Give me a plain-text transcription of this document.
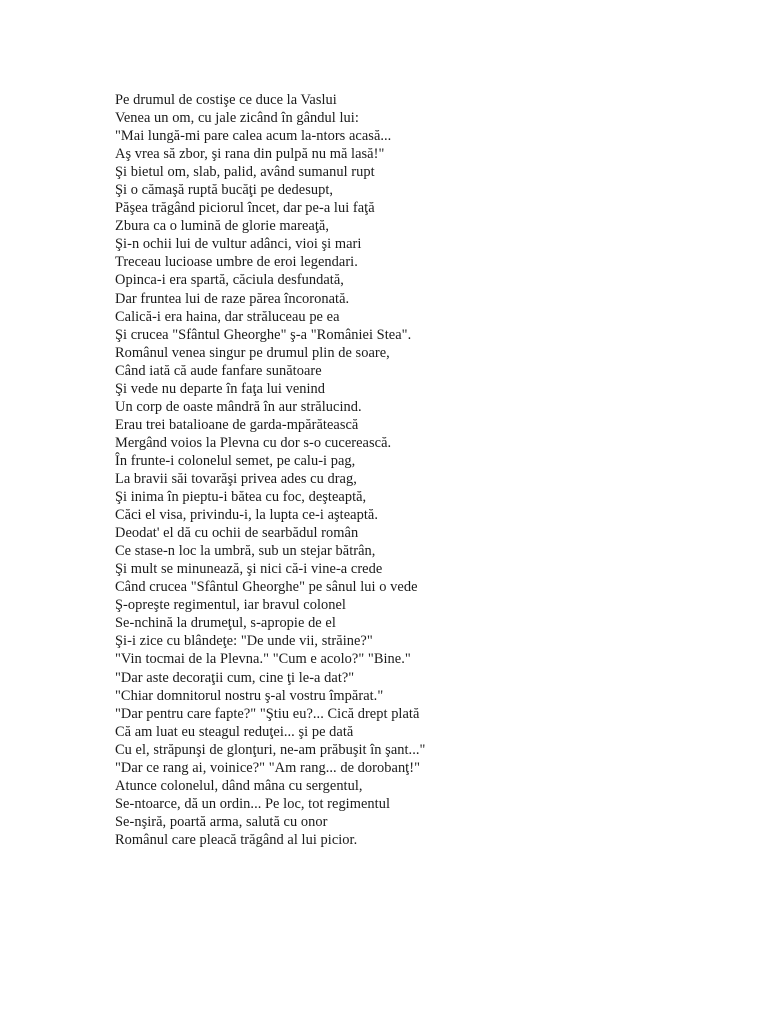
Pe drumul de costişe ce duce la Vaslui
Venea un om, cu jale zicând în gândul lui:
"Mai lungă-mi pare calea acum la-ntors acasă...
Aş vrea să zbor, şi rana din pulpă nu mă lasă!"
Şi bietul om, slab, palid, având sumanul rupt
Şi o cămaşă ruptă bucăţi pe dedesupt,
Păşea trăgând piciorul încet, dar pe-a lui faţă
Zbura ca o lumină de glorie mareaţă,
Şi-n ochii lui de vultur adânci, vioi şi mari
Treceau lucioase umbre de eroi legendari.
Opinca-i era spartă, căciula desfundată,
Dar fruntea lui de raze părea încoronată.
Calică-i era haina, dar străluceau pe ea
Şi crucea "Sfântul Gheorghe" ş-a "României Stea".
Românul venea singur pe drumul plin de soare,
Când iată că aude fanfare sunătoare
Şi vede nu departe în faţa lui venind
Un corp de oaste mândră în aur strălucind.
Erau trei batalioane de garda-mpărătească
Mergând voios la Plevna cu dor s-o cucerească.
În frunte-i colonelul semet, pe calu-i pag,
La bravii săi tovarăşi privea ades cu drag,
Şi inima în pieptu-i bătea cu foc, deşteaptă,
Căci el visa, privindu-i, la lupta ce-i aşteaptă.
Deodat' el dă cu ochii de searbădul român
Ce stase-n loc la umbră, sub un stejar bătrân,
Şi mult se minunează, şi nici că-i vine-a crede
Când crucea "Sfântul Gheorghe" pe sânul lui o vede
Ş-opreşte regimentul, iar bravul colonel
Se-nchină la drumeţul, s-apropie de el
Şi-i zice cu blândeţe: "De unde vii, străine?"
"Vin tocmai de la Plevna." "Cum e acolo?" "Bine."
"Dar aste decoraţii cum, cine ţi le-a dat?"
"Chiar domnitorul nostru ş-al vostru împărat."
"Dar pentru care fapte?" "Ştiu eu?... Cică drept plată
Că am luat eu steagul reduţei... şi pe dată
Cu el, străpunşi de glonţuri, ne-am prăbuşit în şant..."
"Dar ce rang ai, voinice?" "Am rang... de dorobanţ!"
Atunce colonelul, dând mâna cu sergentul,
Se-ntoarce, dă un ordin... Pe loc, tot regimentul
Se-nşiră, poartă arma, salută cu onor
Românul care pleacă trăgând al lui picior.
